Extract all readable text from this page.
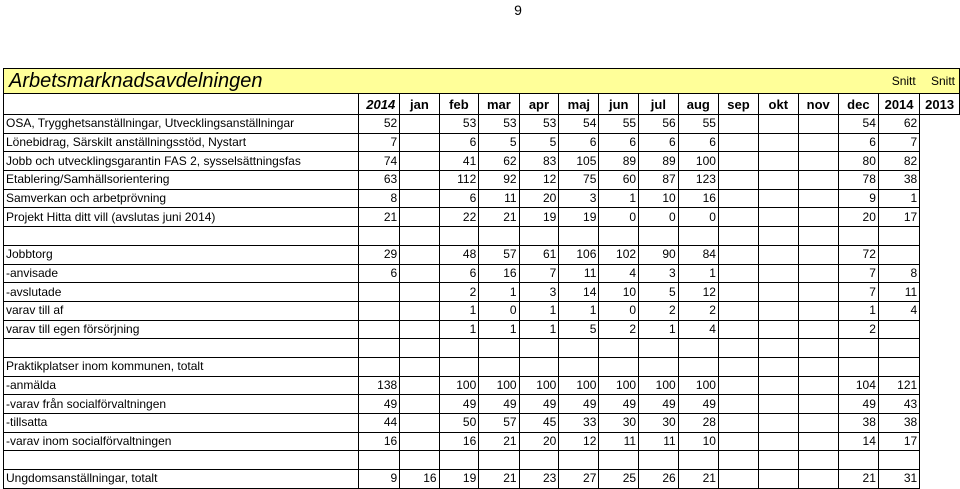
9
Arbetsmarknadsavdelningen														Snitt	Snitt
	2014	jan	feb	mar	apr	maj	jun	jul	aug	sep	okt	nov	dec	2014	2013
OSA, Trygghetsanställningar, Utvecklingsanställningar	52		53	53	53	54	55	56	55				54	62	
Lönebidrag, Särskilt anställningsstöd, Nystart	7		6	5	5	6	6	6	6				6	7	
Jobb och utvecklingsgarantin FAS 2, sysselsättningsfas	74		41	62	83	105	89	89	100				80	82	
Etablering/Samhällsorientering	63		112	92	12	75	60	87	123				78	38	
Samverkan och arbetprövning	8		6	11	20	3	1	10	16				9	1	
Projekt Hitta ditt vill (avslutas juni 2014)	21		22	21	19	19	0	0	0				20	17	

Jobbtorg	29		48	57	61	106	102	90	84				72		
-anvisade	6		6	16	7	11	4	3	1				7	8	
-avslutade			2	1	3	14	10	5	12				7	11	
varav till af			1	0	1	1	0	2	2				1	4	
varav till egen försörjning			1	1	1	5	2	1	4				2		

Praktikplatser inom kommunen, totalt															
-anmälda	138		100	100	100	100	100	100	100				104	121	
-varav från socialförvaltningen	49		49	49	49	49	49	49	49				49	43	
-tillsatta	44		50	57	45	33	30	30	28				38	38	
-varav inom socialförvaltningen	16		16	21	20	12	11	11	10				14	17	

Ungdomsanställningar, totalt	9	16	19	21	23	27	25	26	21				21	31	
